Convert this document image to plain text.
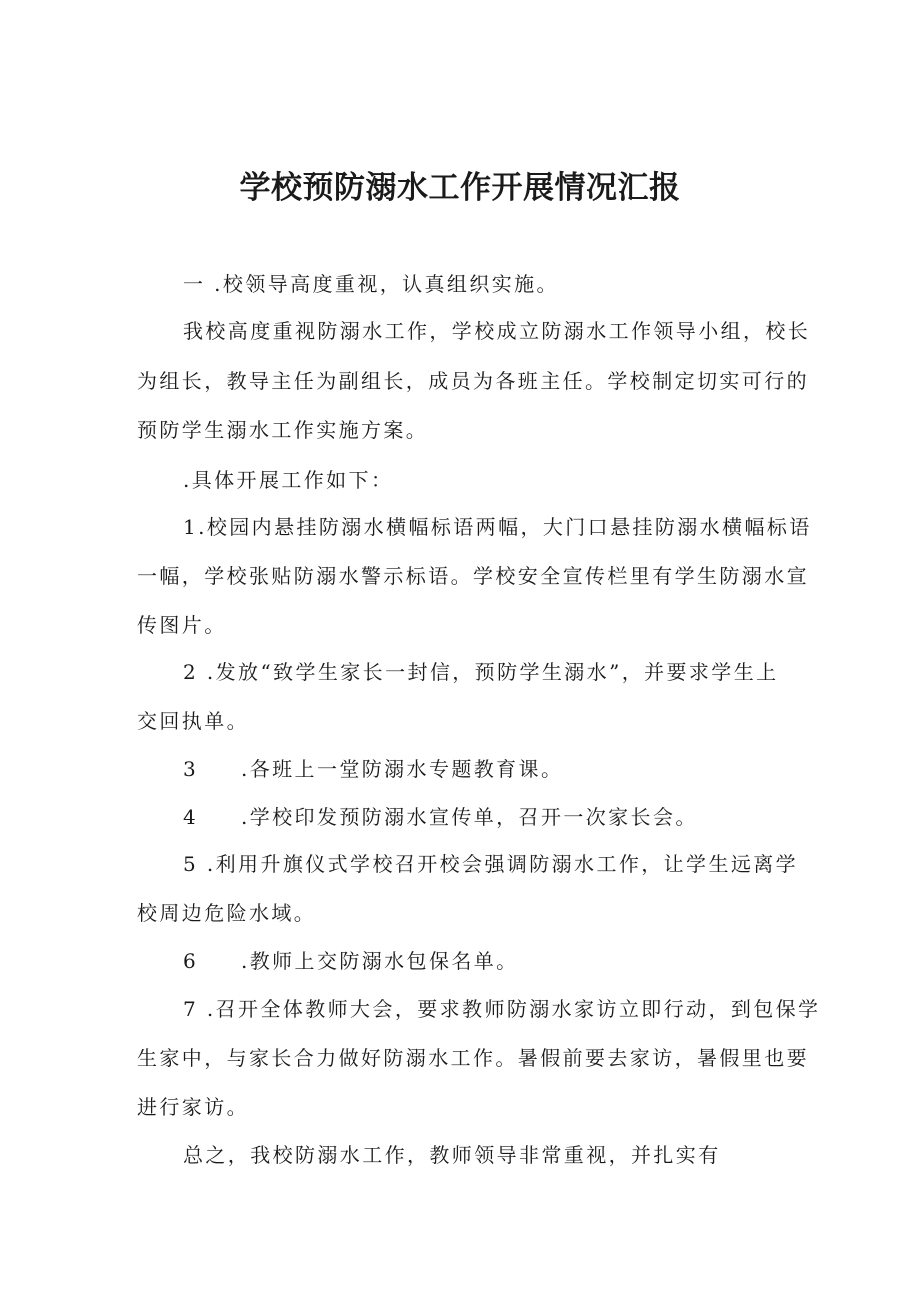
学校预防溺水工作开展情况汇报
一 .校领导高度重视，认真组织实施。
我校高度重视防溺水工作，学校成立防溺水工作领导小组，校长
为组长，教导主任为副组长，成员为各班主任。学校制定切实可行的
预防学生溺水工作实施方案。
.具体开展工作如下：
1.校园内悬挂防溺水横幅标语两幅，大门口悬挂防溺水横幅标语
一幅，学校张贴防溺水警示标语。学校安全宣传栏里有学生防溺水宣
传图片。
2 .发放“致学生家长一封信，预防学生溺水”，并要求学生上
交回执单。
3 .各班上一堂防溺水专题教育课。
4 .学校印发预防溺水宣传单，召开一次家长会。
5 .利用升旗仪式学校召开校会强调防溺水工作，让学生远离学
校周边危险水域。
6 .教师上交防溺水包保名单。
7 .召开全体教师大会，要求教师防溺水家访立即行动，到包保学
生家中，与家长合力做好防溺水工作。暑假前要去家访，暑假里也要
进行家访。
总之，我校防溺水工作，教师领导非常重视，并扎实有
